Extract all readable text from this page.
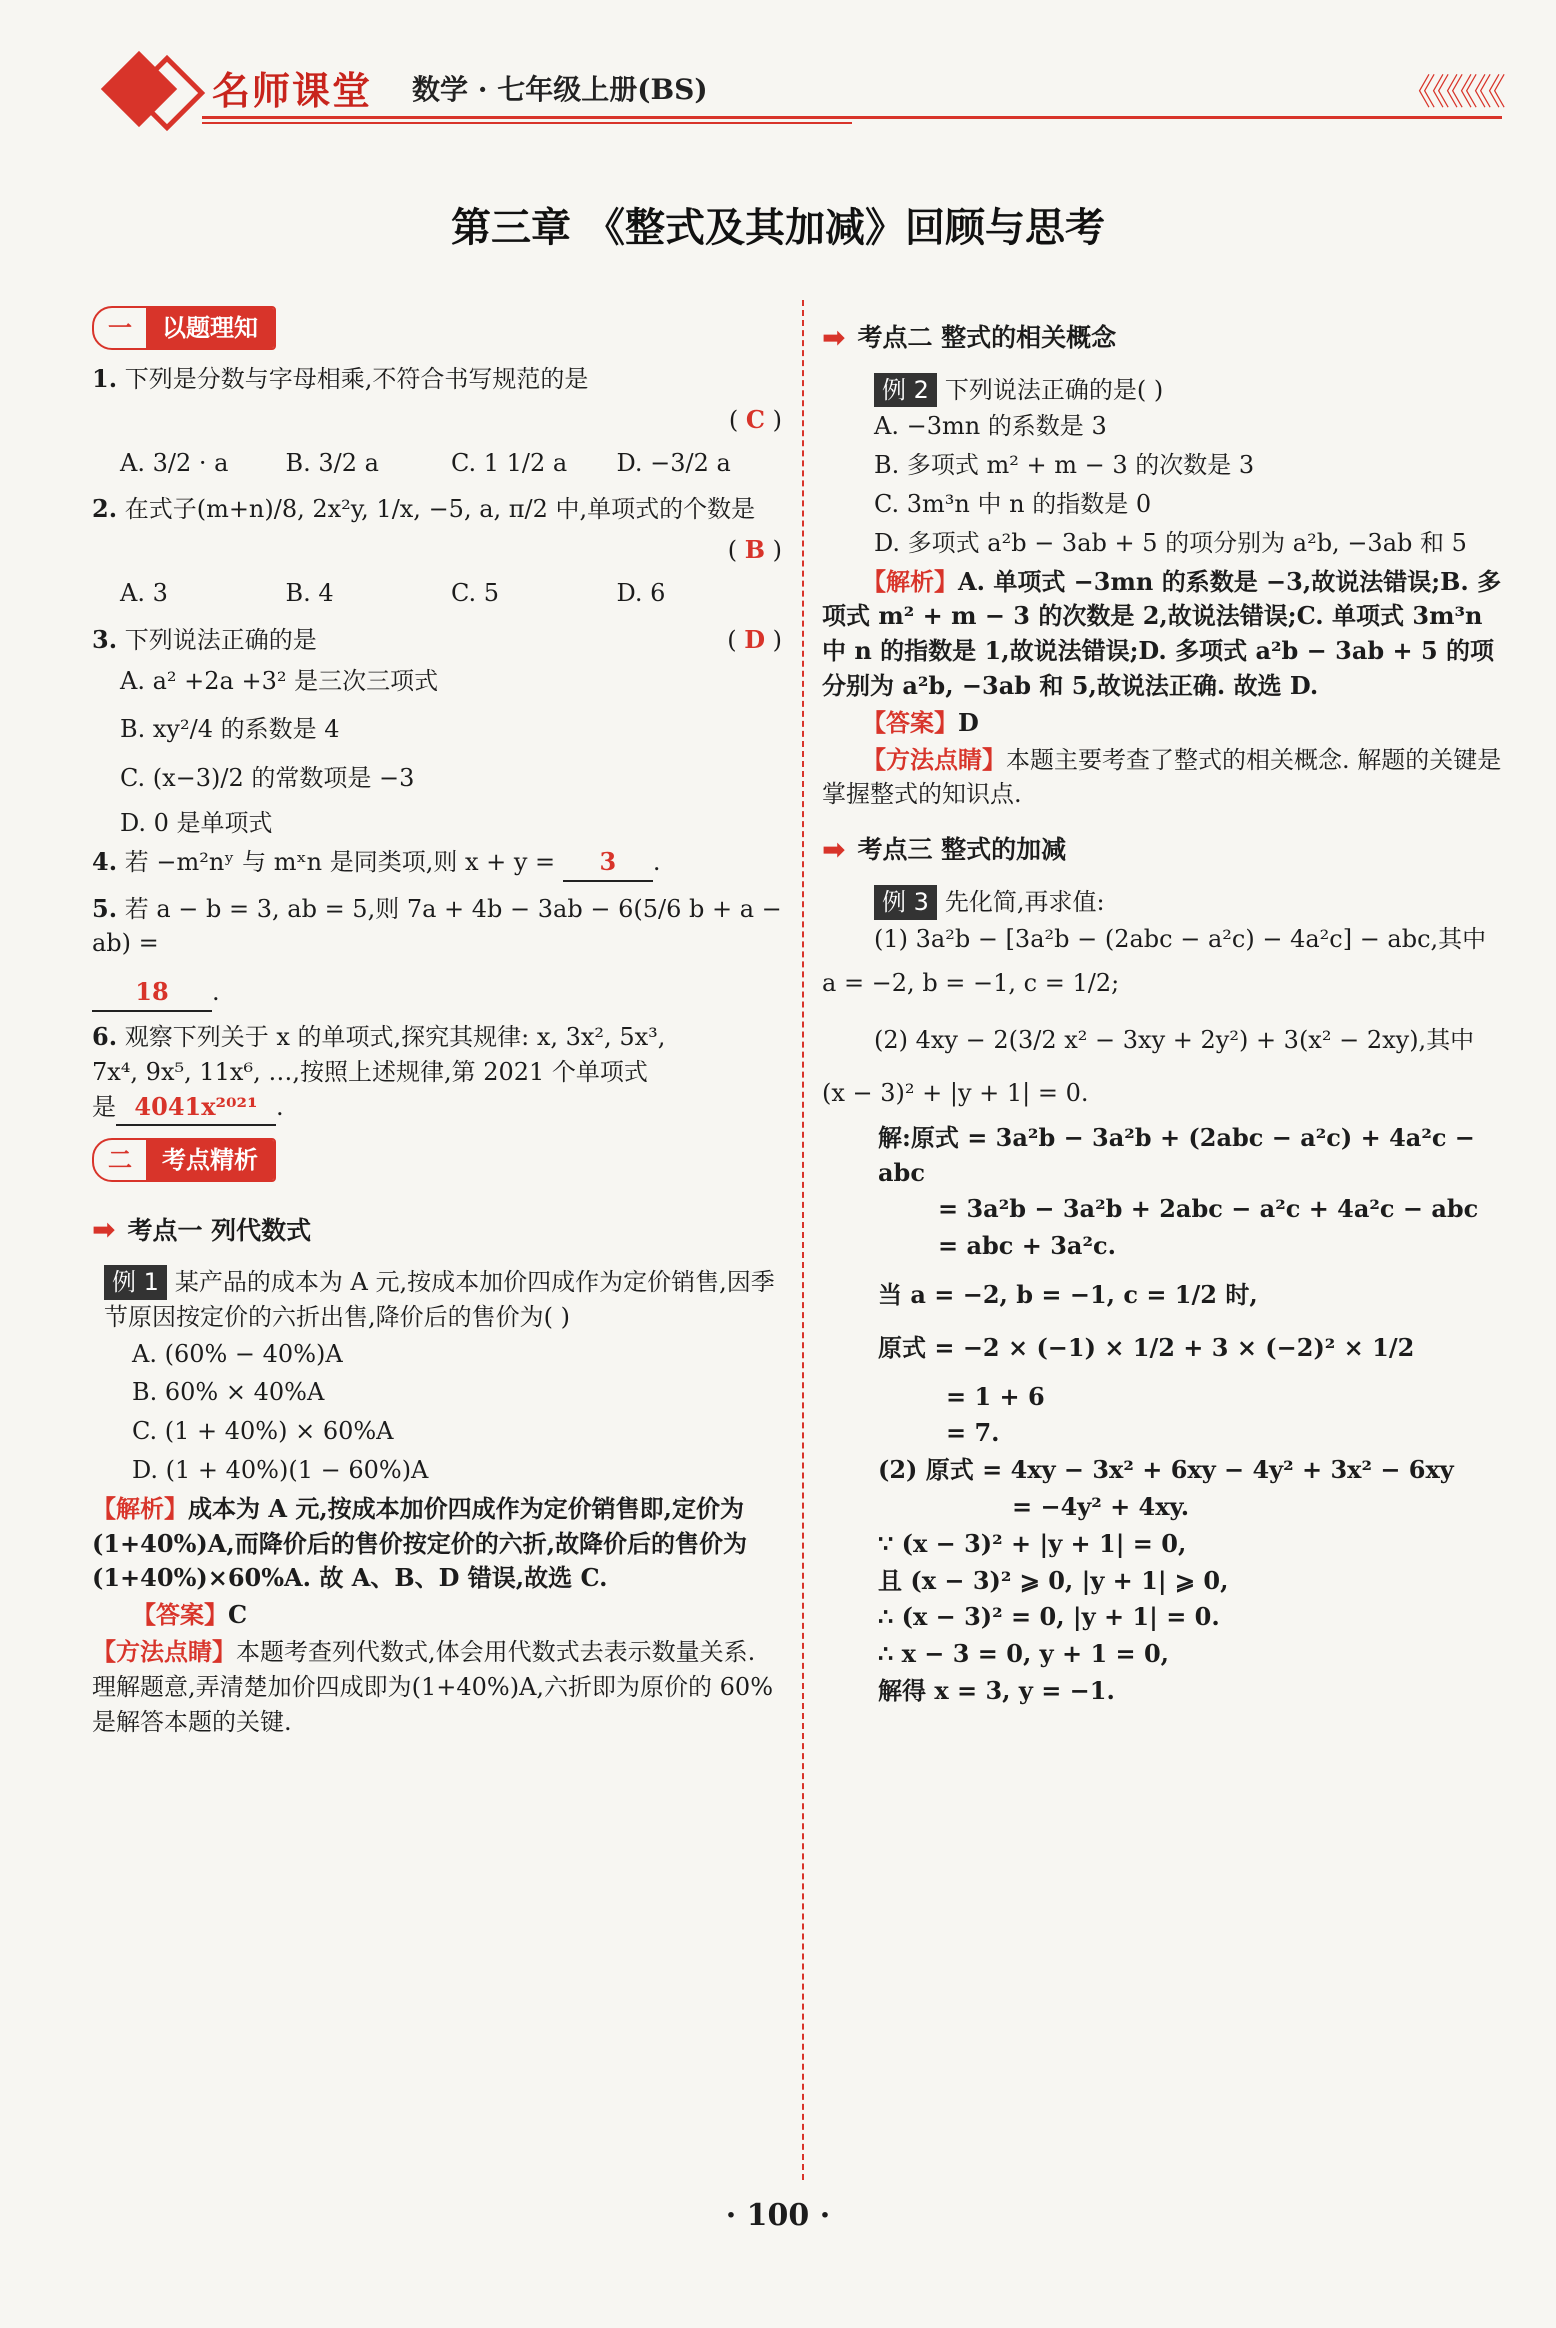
名师课堂 数学 · 七年级上册(BS)	《《《《《《
第三章 《整式及其加减》回顾与思考
一	以题理知
1. 下列是分数与字母相乘,不符合书写规范的是
( C )
A. 3/2 · a	B. 3/2 a	C. 1 1/2 a	D. −3/2 a
2. 在式子(m+n)/8, 2x²y, 1/x, −5, a, π/2 中,单项式的个数是
( B )
A. 3	B. 4	C. 5	D. 6
3. 下列说法正确的是	( D )
A. a² +2a +3² 是三次三项式
B. xy²/4 的系数是 4
C. (x−3)/2 的常数项是 −3
D. 0 是单项式
4. 若 −m²nʸ 与 mˣn 是同类项,则 x + y = 3 .
5. 若 a − b = 3, ab = 5,则 7a + 4b − 3ab − 6(5/6 b + a − ab) =
18 .
6. 观察下列关于 x 的单项式,探究其规律: x, 3x², 5x³,
7x⁴, 9x⁵, 11x⁶, …,按照上述规律,第 2021 个单项式
是 4041x²⁰²¹ .
二	考点精析
➡ 考点一 列代数式
例 1 某产品的成本为 A 元,按成本加价四成作为定价销售,因季节原因按定价的六折出售,降价后的售价为( )
A. (60% − 40%)A
B. 60% × 40%A
C. (1 + 40%) × 60%A
D. (1 + 40%)(1 − 60%)A
【解析】成本为 A 元,按成本加价四成作为定价销售即,定价为(1+40%)A,而降价后的售价按定价的六折,故降价后的售价为(1+40%)×60%A. 故 A、B、D 错误,故选 C.
【答案】C
【方法点睛】本题考查列代数式,体会用代数式去表示数量关系. 理解题意,弄清楚加价四成即为(1+40%)A,六折即为原价的 60% 是解答本题的关键.
➡ 考点二 整式的相关概念
例 2 下列说法正确的是( )
A. −3mn 的系数是 3
B. 多项式 m² + m − 3 的次数是 3
C. 3m³n 中 n 的指数是 0
D. 多项式 a²b − 3ab + 5 的项分别为 a²b, −3ab 和 5
【解析】A. 单项式 −3mn 的系数是 −3,故说法错误;B. 多项式 m² + m − 3 的次数是 2,故说法错误;C. 单项式 3m³n 中 n 的指数是 1,故说法错误;D. 多项式 a²b − 3ab + 5 的项分别为 a²b, −3ab 和 5,故说法正确. 故选 D.
【答案】D
【方法点睛】本题主要考查了整式的相关概念. 解题的关键是掌握整式的知识点.
➡ 考点三 整式的加减
例 3 先化简,再求值:
(1) 3a²b − [3a²b − (2abc − a²c) − 4a²c] − abc,其中
a = −2, b = −1, c = 1/2;
(2) 4xy − 2(3/2 x² − 3xy + 2y²) + 3(x² − 2xy),其中
(x − 3)² + |y + 1| = 0.
解:原式 = 3a²b − 3a²b + (2abc − a²c) + 4a²c − abc
= 3a²b − 3a²b + 2abc − a²c + 4a²c − abc
= abc + 3a²c.
当 a = −2, b = −1, c = 1/2 时,
原式 = −2 × (−1) × 1/2 + 3 × (−2)² × 1/2
= 1 + 6
= 7.
(2) 原式 = 4xy − 3x² + 6xy − 4y² + 3x² − 6xy
= −4y² + 4xy.
∵ (x − 3)² + |y + 1| = 0,
且 (x − 3)² ⩾ 0, |y + 1| ⩾ 0,
∴ (x − 3)² = 0, |y + 1| = 0.
∴ x − 3 = 0, y + 1 = 0,
解得 x = 3, y = −1.
· 100 ·
